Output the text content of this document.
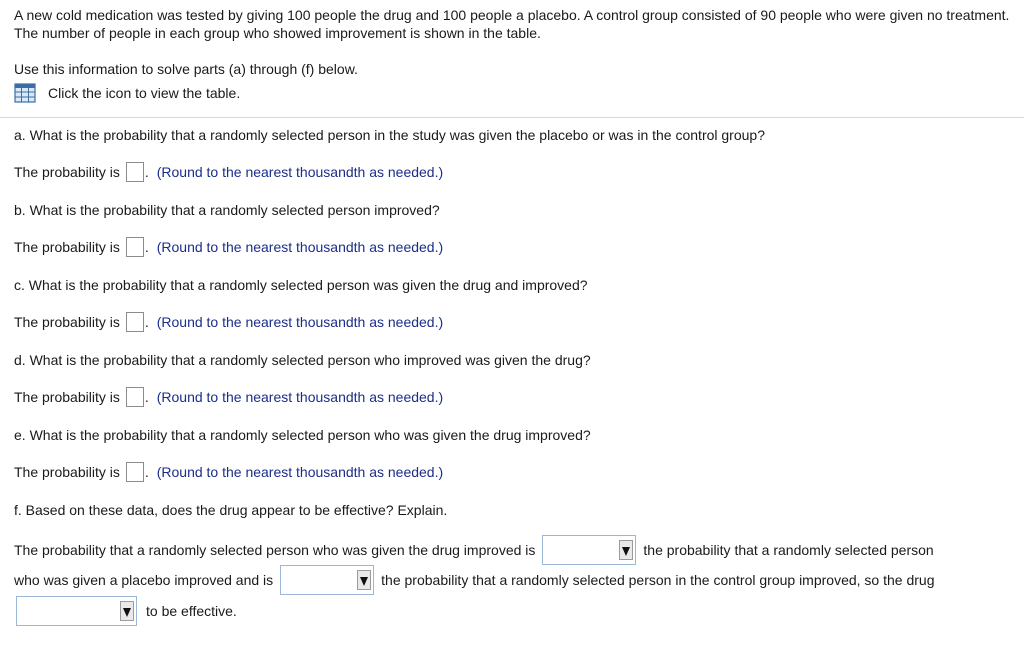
A new cold medication was tested by giving 100 people the drug and 100 people a placebo. A control group consisted of 90 people who were given no treatment. The number of people in each group who showed improvement is shown in the table.
Use this information to solve parts (a) through (f) below.
Click the icon to view the table.
a. What is the probability that a randomly selected person in the study was given the placebo or was in the control group?
The probability is . (Round to the nearest thousandth as needed.)
b. What is the probability that a randomly selected person improved?
The probability is . (Round to the nearest thousandth as needed.)
c. What is the probability that a randomly selected person was given the drug and improved?
The probability is . (Round to the nearest thousandth as needed.)
d. What is the probability that a randomly selected person who improved was given the drug?
The probability is . (Round to the nearest thousandth as needed.)
e. What is the probability that a randomly selected person who was given the drug improved?
The probability is . (Round to the nearest thousandth as needed.)
f. Based on these data, does the drug appear to be effective? Explain.
The probability that a randomly selected person who was given the drug improved is	the probability that a randomly selected person
who was given a placebo improved and is	the probability that a randomly selected person in the control group improved, so the drug
to be effective.
